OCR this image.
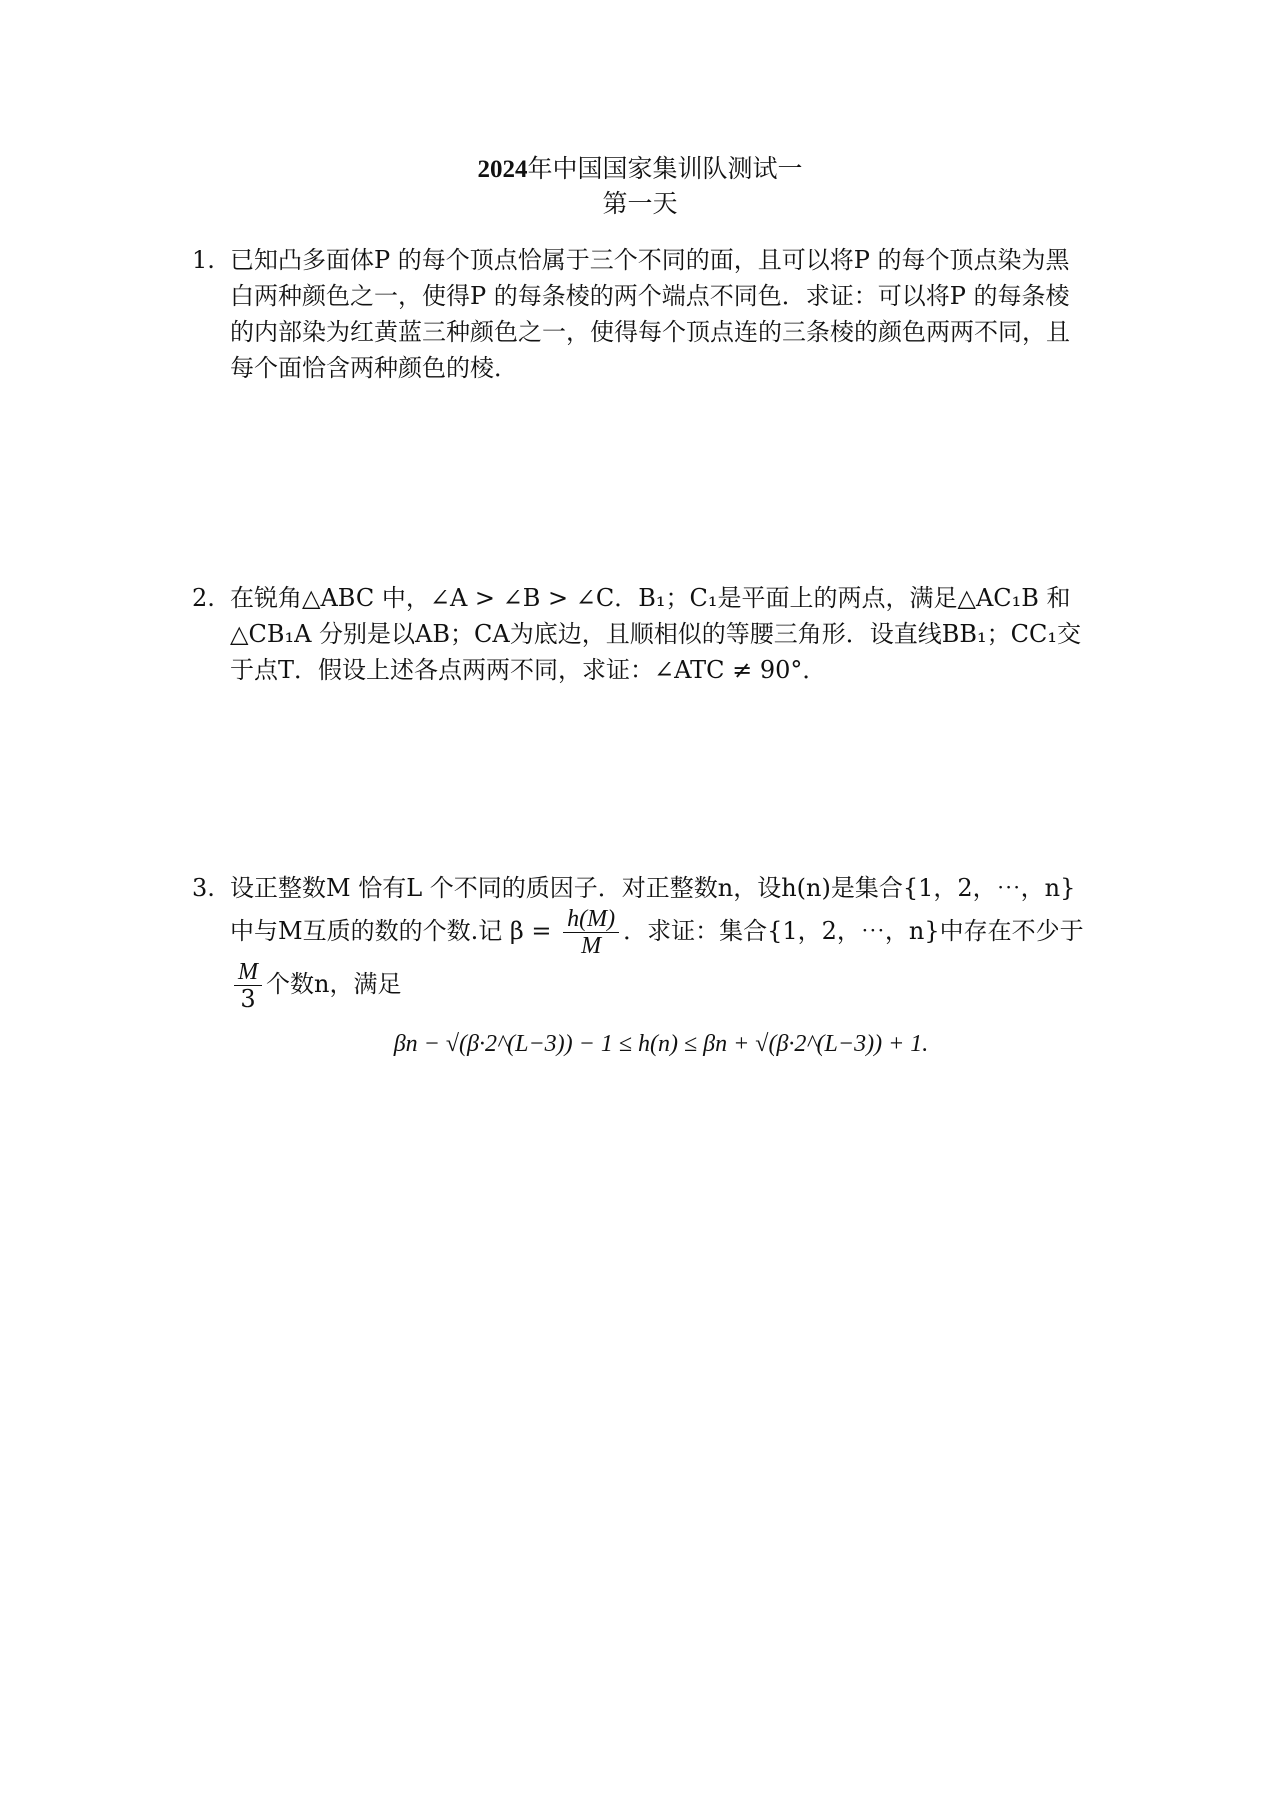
2024年中国国家集训队测试一
第一天
1. 已知凸多面体P 的每个顶点恰属于三个不同的面，且可以将P 的每个顶点染为黑白两种颜色之一，使得P 的每条棱的两个端点不同色．求证：可以将P 的每条棱的内部染为红黄蓝三种颜色之一，使得每个顶点连的三条棱的颜色两两不同，且每个面恰含两种颜色的棱．
2. 在锐角△ABC 中，∠A > ∠B > ∠C．B₁；C₁是平面上的两点，满足△AC₁B 和△CB₁A 分别是以AB；CA为底边，且顺相似的等腰三角形．设直线BB₁；CC₁交于点T．假设上述各点两两不同，求证：∠ATC ≠ 90°．
3. 设正整数M 恰有L 个不同的质因子．对正整数n，设h(n)是集合{1，2，⋯，n}中与M互质的数的个数.记 $\beta = \frac{h(M)}{M}$ ．求证：集合{1，2，⋯，n}中存在不少于
$\frac{M}{3}$ 个数n，满足
βn − √(β·2^(L−3)) − 1 ≤ h(n) ≤ βn + √(β·2^(L−3)) + 1.
